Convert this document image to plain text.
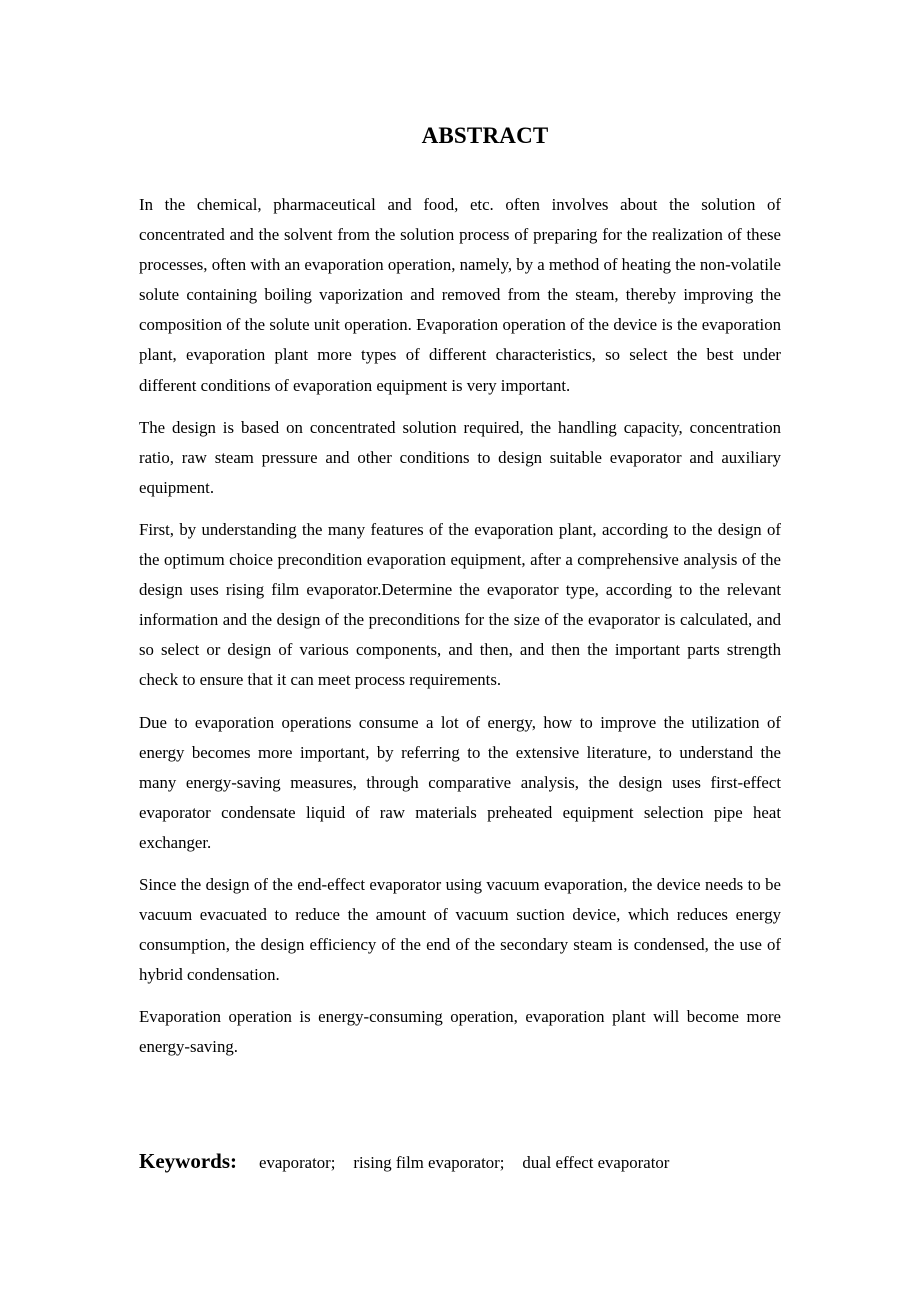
ABSTRACT

In the chemical, pharmaceutical and food, etc. often involves about the solution of concentrated and the solvent from the solution process of preparing for the realization of these processes, often with an evaporation operation, namely, by a method of heating the non-volatile solute containing boiling vaporization and removed from the steam, thereby improving the composition of the solute unit operation. Evaporation operation of the device is the evaporation plant, evaporation plant more types of different characteristics, so select the best under different conditions of evaporation equipment is very important.

The design is based on concentrated solution required, the handling capacity, concentration ratio, raw steam pressure and other conditions to design suitable evaporator and auxiliary equipment.

First, by understanding the many features of the evaporation plant, according to the design of the optimum choice precondition evaporation equipment, after a comprehensive analysis of the design uses rising film evaporator.Determine the evaporator type, according to the relevant information and the design of the preconditions for the size of the evaporator is calculated, and so select or design of various components, and then, and then the important parts strength check to ensure that it can meet process requirements.

Due to evaporation operations consume a lot of energy, how to improve the utilization of energy becomes more important, by referring to the extensive literature, to understand the many energy-saving measures, through comparative analysis, the design uses first-effect evaporator condensate liquid of raw materials preheated equipment selection pipe heat exchanger.

Since the design of the end-effect evaporator using vacuum evaporation, the device needs to be vacuum evacuated to reduce the amount of vacuum suction device, which reduces energy consumption, the design efficiency of the end of the secondary steam is condensed, the use of hybrid condensation.

Evaporation operation is energy-consuming operation, evaporation plant will become more energy-saving.

Keywords: evaporator; rising film evaporator; dual effect evaporator
